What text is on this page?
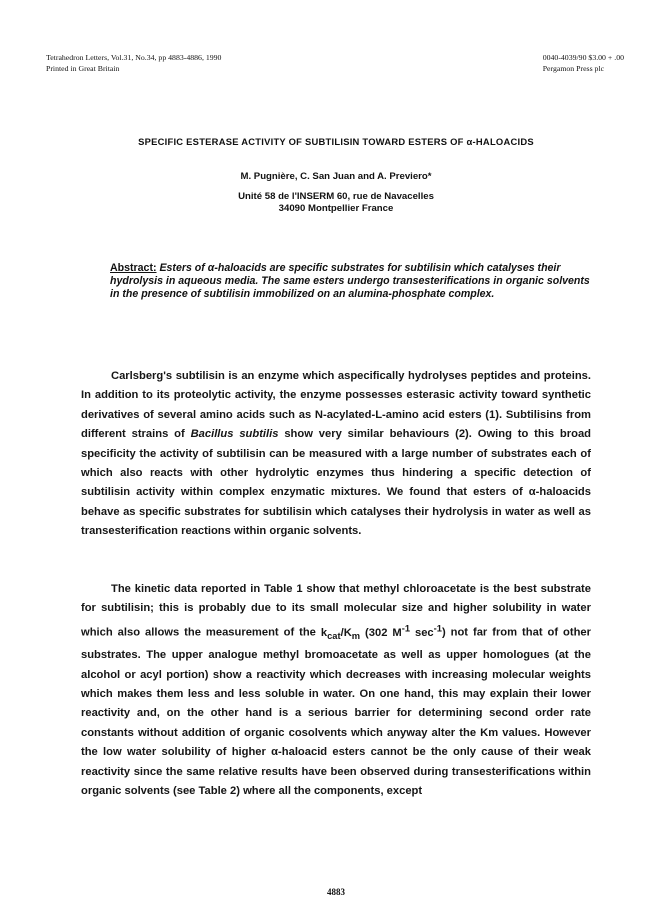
Tetrahedron Letters, Vol.31, No.34, pp 4883-4886, 1990
Printed in Great Britain
0040-4039/90 $3.00 + .00
Pergamon Press plc
SPECIFIC ESTERASE ACTIVITY OF SUBTILISIN TOWARD ESTERS OF α-HALOACIDS
M. Pugnière, C. San Juan and A. Previero*
Unité 58 de l'INSERM 60, rue de Navacelles
34090 Montpellier France
Abstract: Esters of α-haloacids are specific substrates for subtilisin which catalyses their hydrolysis in aqueous media. The same esters undergo transesterifications in organic solvents in the presence of subtilisin immobilized on an alumina-phosphate complex.
Carlsberg's subtilisin is an enzyme which aspecifically hydrolyses peptides and proteins. In addition to its proteolytic activity, the enzyme possesses esterasic activity toward synthetic derivatives of several amino acids such as N-acylated-L-amino acid esters (1). Subtilisins from different strains of Bacillus subtilis show very similar behaviours (2). Owing to this broad specificity the activity of subtilisin can be measured with a large number of substrates each of which also reacts with other hydrolytic enzymes thus hindering a specific detection of subtilisin activity within complex enzymatic mixtures. We found that esters of α-haloacids behave as specific substrates for subtilisin which catalyses their hydrolysis in water as well as transesterification reactions within organic solvents.
The kinetic data reported in Table 1 show that methyl chloroacetate is the best substrate for subtilisin; this is probably due to its small molecular size and higher solubility in water which also allows the measurement of the $k_{cat}/K_m$ (302 $M^{-1}$ $\sec^{-1}$) not far from that of other substrates. The upper analogue methyl bromoacetate as well as upper homologues (at the alcohol or acyl portion) show a reactivity which decreases with increasing molecular weights which makes them less and less soluble in water. On one hand, this may explain their lower reactivity and, on the other hand is a serious barrier for determining second order rate constants without addition of organic cosolvents which anyway alter the Km values. However the low water solubility of higher α-haloacid esters cannot be the only cause of their weak reactivity since the same relative results have been observed during transesterifications within organic solvents (see Table 2) where all the components, except
4883
